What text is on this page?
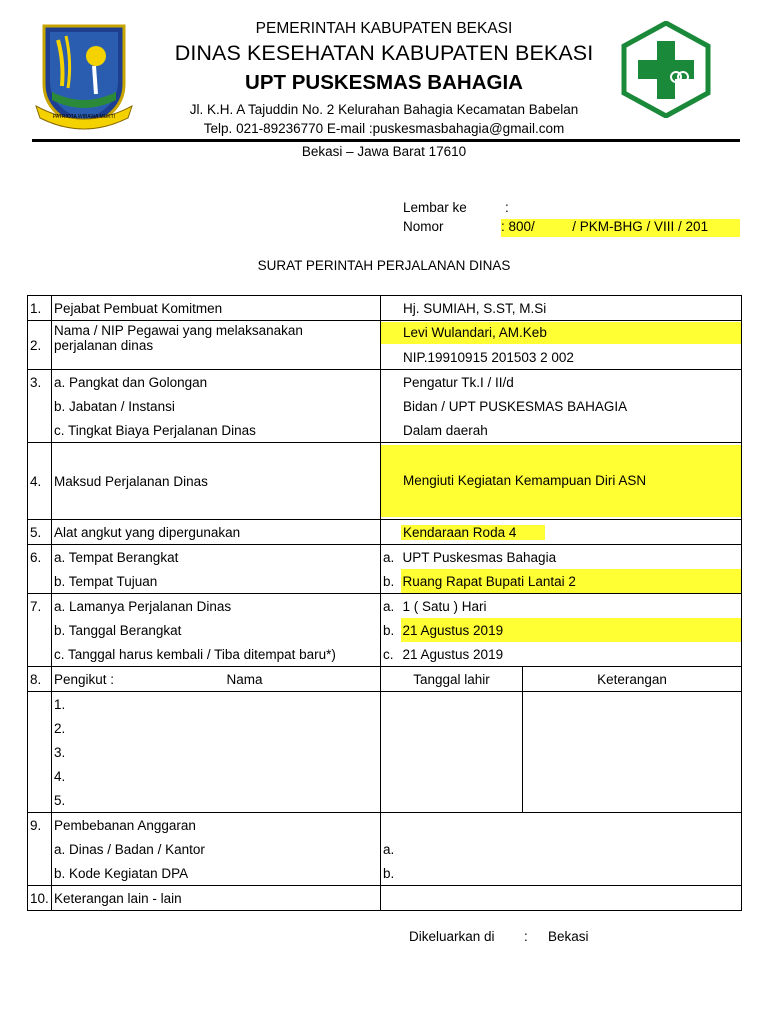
PATRIOTA WIBAWA MUKTI
PEMERINTAH KABUPATEN BEKASI
DINAS KESEHATAN KABUPATEN BEKASI
UPT PUSKESMAS BAHAGIA
Jl. K.H. A Tajuddin No. 2 Kelurahan Bahagia Kecamatan Babelan
Telp. 021-89236770 E-mail :puskesmasbahagia@gmail.com
Bekasi – Jawa Barat 17610
Lembar ke	:
Nomor	: 800/          / PKM-BHG / VIII / 201
SURAT PERINTAH PERJALANAN DINAS
1.	Pejabat Pembuat Komitmen	Hj. SUMIAH, S.ST, M.Si		
2.	Nama / NIP Pegawai yang melaksanakan
perjalanan dinas	Levi Wulandari, AM.Keb		

		NIP.19910915 201503 2 002		
3.	a. Pangkat dan Golongan	Pengatur Tk.I / II/d		
	b. Jabatan / Instansi	Bidan / UPT PUSKESMAS BAHAGIA		
	c. Tingkat Biaya Perjalanan Dinas	Dalam daerah		
4.	Maksud Perjalanan Dinas	Mengiuti Kegiatan Kemampuan Diri ASN		

5.	Alat angkut yang dipergunakan	Kendaraan Roda 4		
6.	a. Tempat Berangkat	a.	UPT Puskesmas Bahagia	
	b. Tempat Tujuan	b.	Ruang Rapat Bupati Lantai 2	
7.	a. Lamanya Perjalanan Dinas	a.	1 ( Satu ) Hari	
	b. Tanggal Berangkat	b.	21 Agustus 2019	
	c. Tanggal harus kembali / Tiba ditempat baru*)	c.	21 Agustus 2019	
8.	Pengikut : Nama	Tanggal lahir		Keterangan
	1.			
	2.			
	3.			
	4.			
	5.			
9.	Pembebanan Anggaran			
	a. Dinas / Badan / Kantor	a.		
	b. Kode Kegiatan DPA	b.		
10.	Keterangan lain - lain			
Dikeluarkan di : Bekasi
